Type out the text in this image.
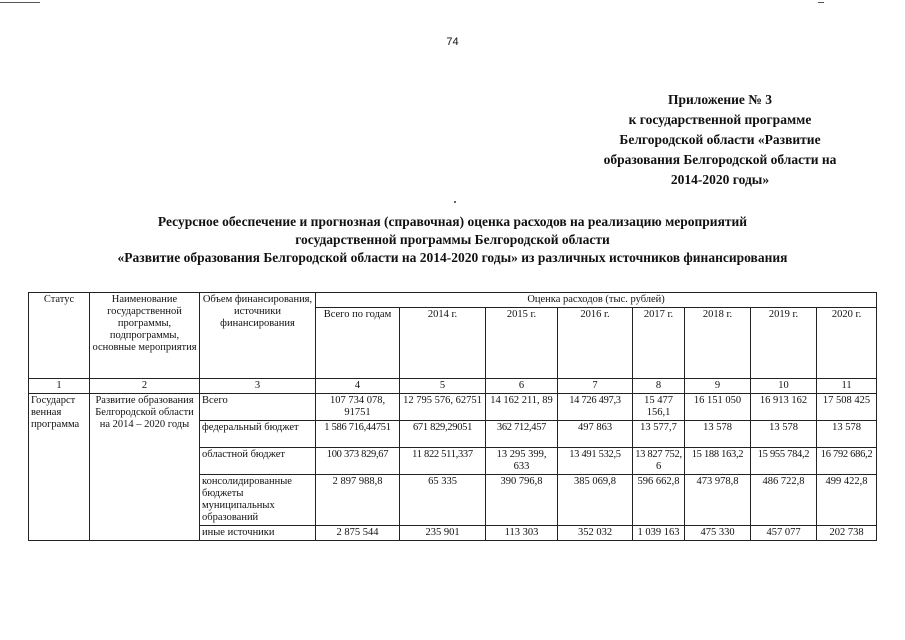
74
Приложение № 3
к государственной программе
Белгородской области «Развитие
образования Белгородской области на
2014-2020 годы»
Ресурсное обеспечение и прогнозная (справочная) оценка расходов на реализацию мероприятий
государственной программы Белгородской области
«Развитие образования Белгородской области на 2014-2020 годы» из различных источников финансирования
Статус	Наименование государственной программы, подпрограммы, основные мероприятия	Объем финансирования, источники финансирования	Оценка расходов (тыс. рублей)							
			Всего по годам	2014 г.	2015 г.	2016 г.	2017 г.	2018 г.	2019 г.	2020 г.
1	2	3	4	5	6	7	8	9	10	11
Государст венная программа	Развитие образования Белгородской области на 2014 – 2020 годы	Всего	107 734 078, 91751	12 795 576, 62751	14 162 211, 89	14 726 497,3	15 477 156,1	16 151 050	16 913 162	17 508 425
		федеральный бюджет	1 586 716,44751	671 829,29051	362 712,457	497 863	13 577,7	13 578	13 578	13 578
		областной бюджет	100 373 829,67	11 822 511,337	13 295 399, 633	13 491 532,5	13 827 752, 6	15 188 163,2	15 955 784,2	16 792 686,2
		консолидированные бюджеты муниципальных образований	2 897 988,8	65 335	390 796,8	385 069,8	596 662,8	473 978,8	486 722,8	499 422,8
		иные источники	2 875 544	235 901	113 303	352 032	1 039 163	475 330	457 077	202 738
